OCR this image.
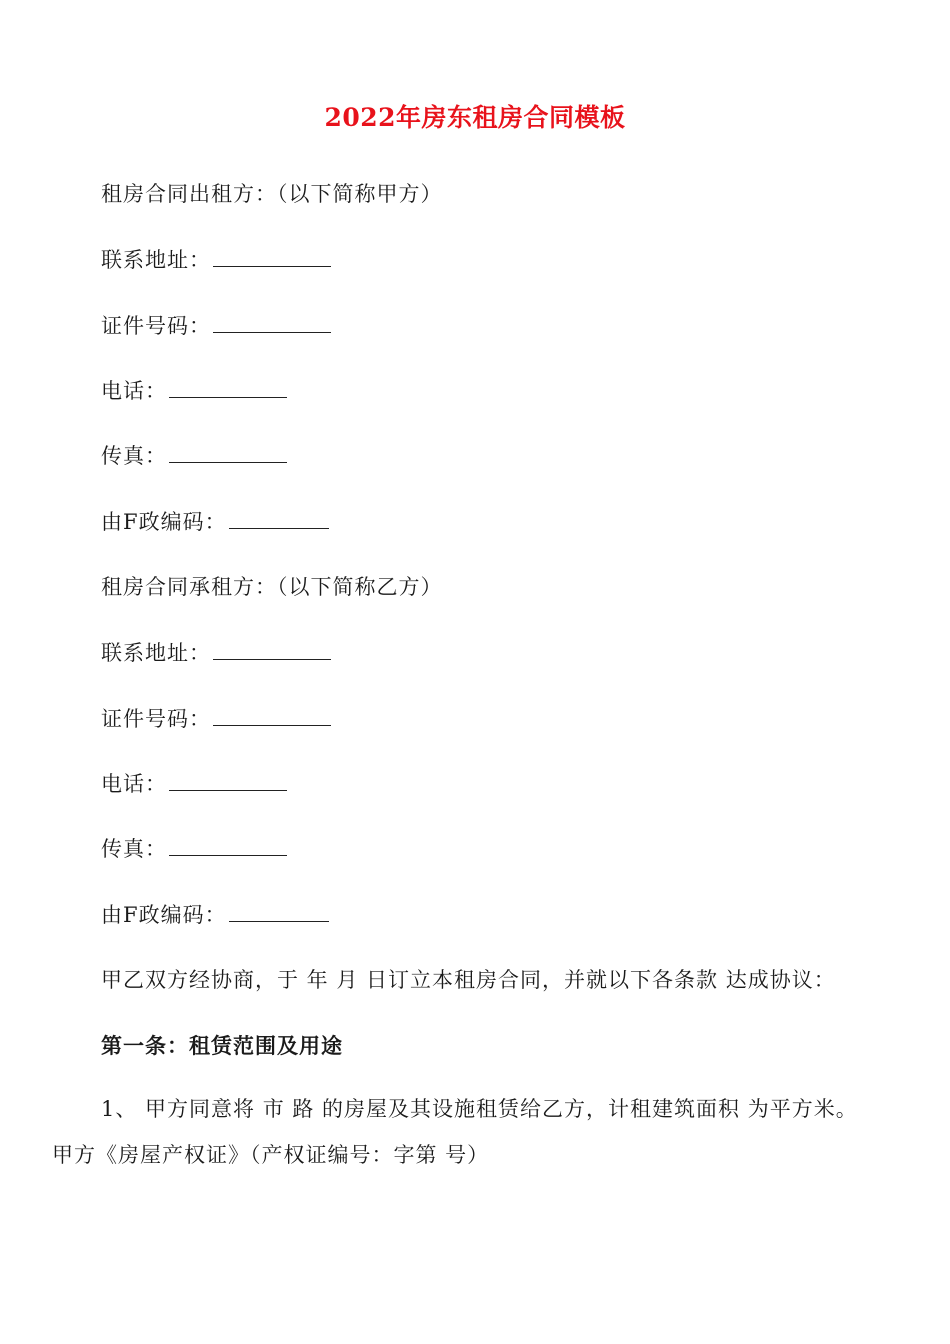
2022年房东租房合同模板
租房合同出租方：（以下简称甲方）
联系地址：
证件号码：
电话：
传真：
由F政编码：
租房合同承租方：（以下简称乙方）
联系地址：
证件号码：
电话：
传真：
由F政编码：
甲乙双方经协商，于 年 月 日订立本租房合同，并就以下各条款 达成协议：
第一条：租赁范围及用途
1、 甲方同意将 市 路 的房屋及其设施租赁给乙方，计租建筑面积 为平方米。
甲方《房屋产权证》（产权证编号：字第 号）
